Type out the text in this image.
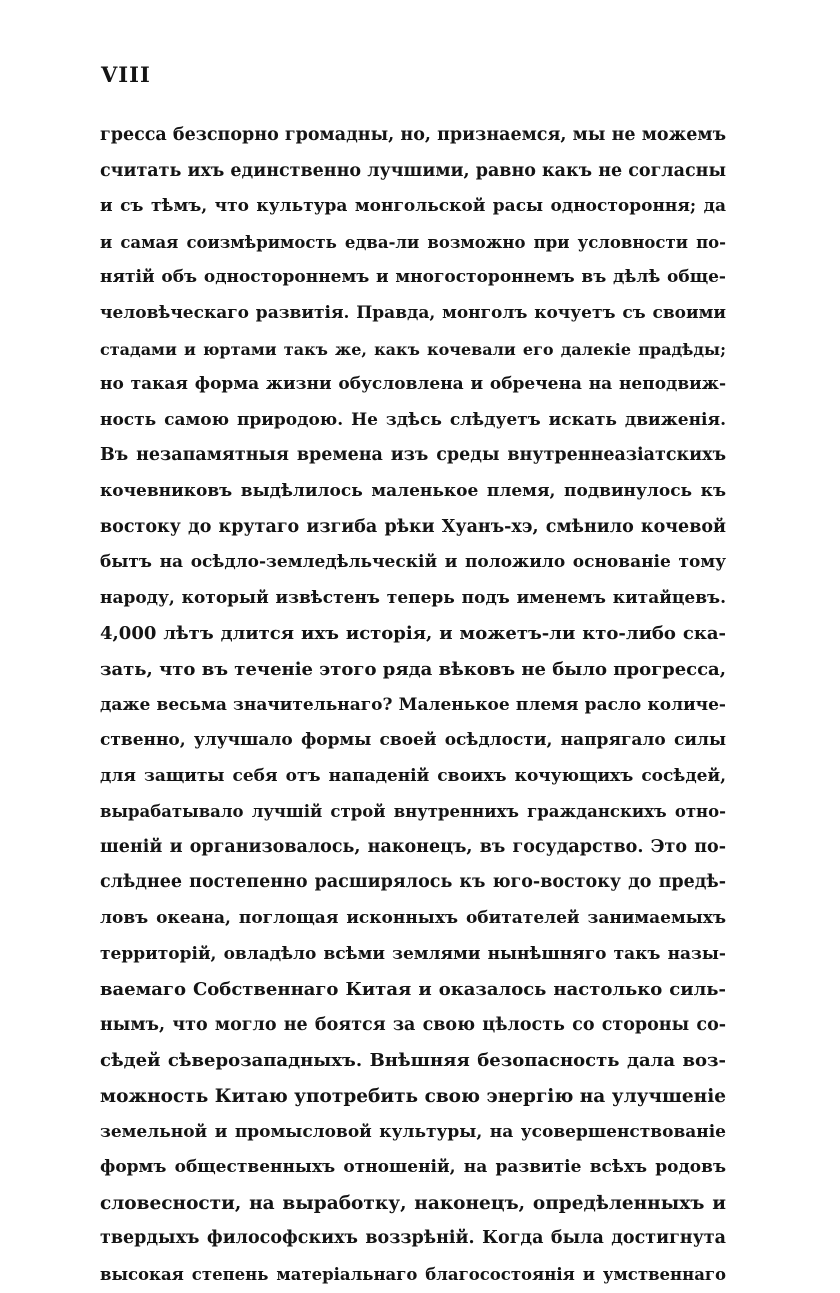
VIII
гресса безспорно громадны, но, признаемся, мы не можемъ
считать ихъ единственно лучшими, равно какъ не согласны
и съ тѣмъ, что культура монгольской расы одностороння; да
и самая соизмѣримость едва-ли возможно при условности по-
нятій объ одностороннемъ и многостороннемъ въ дѣлѣ обще-
человѣческаго развитія. Правда, монголъ кочуетъ съ своими
стадами и юртами такъ же, какъ кочевали его далекіе прадѣды;
но такая форма жизни обусловлена и обречена на неподвиж-
ность самою природою. Не здѣсь слѣдуетъ искать движенія.
Въ незапамятныя времена изъ среды внутреннеазіатскихъ
кочевниковъ выдѣлилось маленькое племя, подвинулось къ
востоку до крутаго изгиба рѣки Хуанъ-хэ, смѣнило кочевой
бытъ на осѣдло-земледѣльческій и положило основаніе тому
народу, который извѣстенъ теперь подъ именемъ китайцевъ.
4,000 лѣтъ длится ихъ исторія, и можетъ-ли кто-либо ска-
зать, что въ теченіе этого ряда вѣковъ не было прогресса,
даже весьма значительнаго? Маленькое племя расло количе-
ственно, улучшало формы своей осѣдлости, напрягало силы
для защиты себя отъ нападеній своихъ кочующихъ сосѣдей,
вырабатывало лучшій строй внутреннихъ гражданскихъ отно-
шеній и организовалось, наконецъ, въ государство. Это по-
слѣднее постепенно расширялось къ юго-востоку до предѣ-
ловъ океана, поглощая исконныхъ обитателей занимаемыхъ
территорій, овладѣло всѣми землями нынѣшняго такъ назы-
ваемаго Собственнаго Китая и оказалось настолько силь-
нымъ, что могло не боятся за свою цѣлость со стороны со-
сѣдей сѣверозападныхъ. Внѣшняя безопасность дала воз-
можность Китаю употребить свою энергію на улучшеніе
земельной и промысловой культуры, на усовершенствованіе
формъ общественныхъ отношеній, на развитіе всѣхъ родовъ
словесности, на выработку, наконецъ, опредѣленныхъ и
твердыхъ философскихъ воззрѣній. Когда была достигнута
высокая степень матеріальнаго благосостоянія и умственнаго
